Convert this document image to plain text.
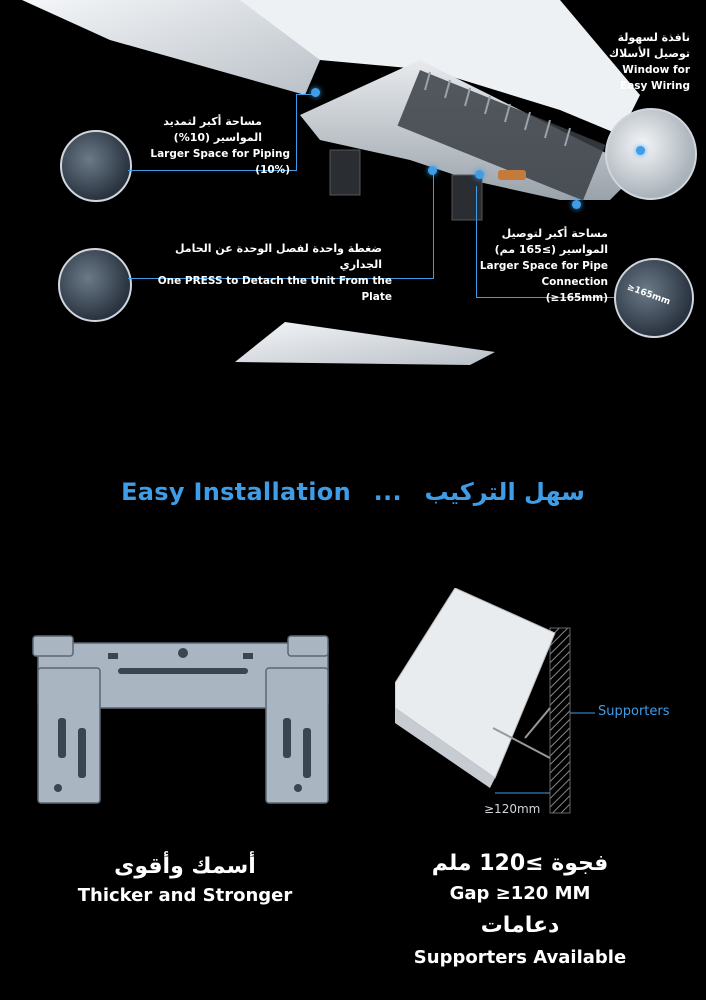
≥165mm
مساحة أكبر لتمديد
المواسير (10%)
Larger Space for Piping (10%)
نافذة لسهولة
توصيل الأسلاك
Window for
Easy Wiring
ضغطة واحدة لفصل الوحدة عن الحامل الجداري
One PRESS to Detach the Unit From the Plate
مساحة أكبر لتوصيل
المواسير (≥165 مم)
Larger Space for Pipe
Connection (≥165mm)
Easy Installation ... سهل التركيب
أسمك وأقوى
Thicker and Stronger
Supporters
≥120mm
فجوة ≥120 ملم
Gap ≥120 MM
دعامات
Supporters Available
